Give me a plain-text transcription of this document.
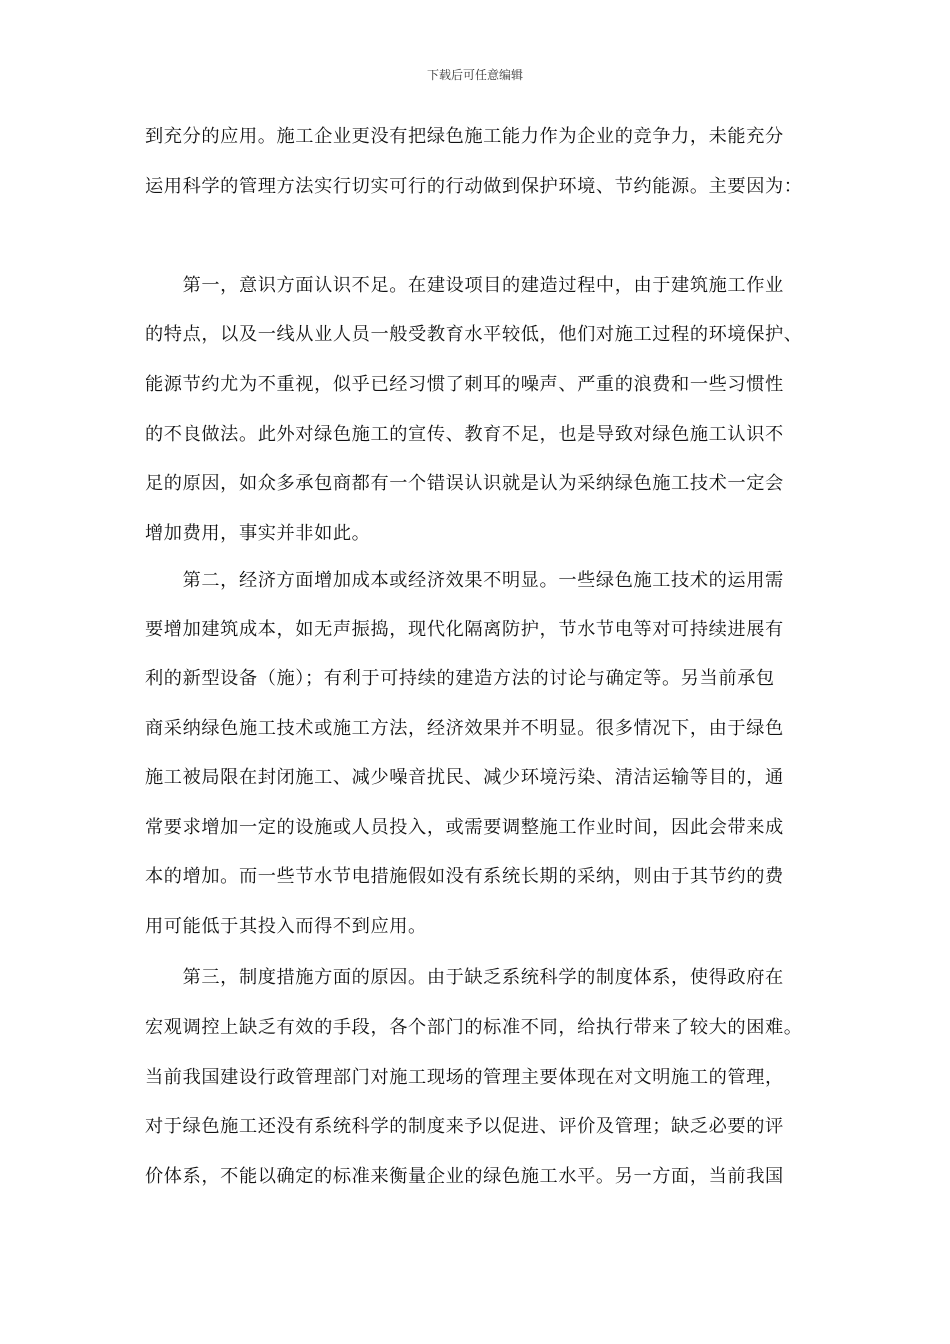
下载后可任意编辑
到充分的应用。施工企业更没有把绿色施工能力作为企业的竞争力，未能充分
运用科学的管理方法实行切实可行的行动做到保护环境、节约能源。主要因为：
　　第一，意识方面认识不足。在建设项目的建造过程中，由于建筑施工作业
的特点，以及一线从业人员一般受教育水平较低，他们对施工过程的环境保护、
能源节约尤为不重视，似乎已经习惯了刺耳的噪声、严重的浪费和一些习惯性
的不良做法。此外对绿色施工的宣传、教育不足，也是导致对绿色施工认识不
足的原因，如众多承包商都有一个错误认识就是认为采纳绿色施工技术一定会
增加费用，事实并非如此。
　　第二，经济方面增加成本或经济效果不明显。一些绿色施工技术的运用需
要增加建筑成本，如无声振捣，现代化隔离防护，节水节电等对可持续进展有
利的新型设备（施）；有利于可持续的建造方法的讨论与确定等。另当前承包
商采纳绿色施工技术或施工方法，经济效果并不明显。很多情况下，由于绿色
施工被局限在封闭施工、减少噪音扰民、减少环境污染、清洁运输等目的，通
常要求增加一定的设施或人员投入，或需要调整施工作业时间，因此会带来成
本的增加。而一些节水节电措施假如没有系统长期的采纳，则由于其节约的费
用可能低于其投入而得不到应用。
　　第三，制度措施方面的原因。由于缺乏系统科学的制度体系，使得政府在
宏观调控上缺乏有效的手段，各个部门的标准不同，给执行带来了较大的困难。
当前我国建设行政管理部门对施工现场的管理主要体现在对文明施工的管理，
对于绿色施工还没有系统科学的制度来予以促进、评价及管理；缺乏必要的评
价体系，不能以确定的标准来衡量企业的绿色施工水平。另一方面，当前我国
